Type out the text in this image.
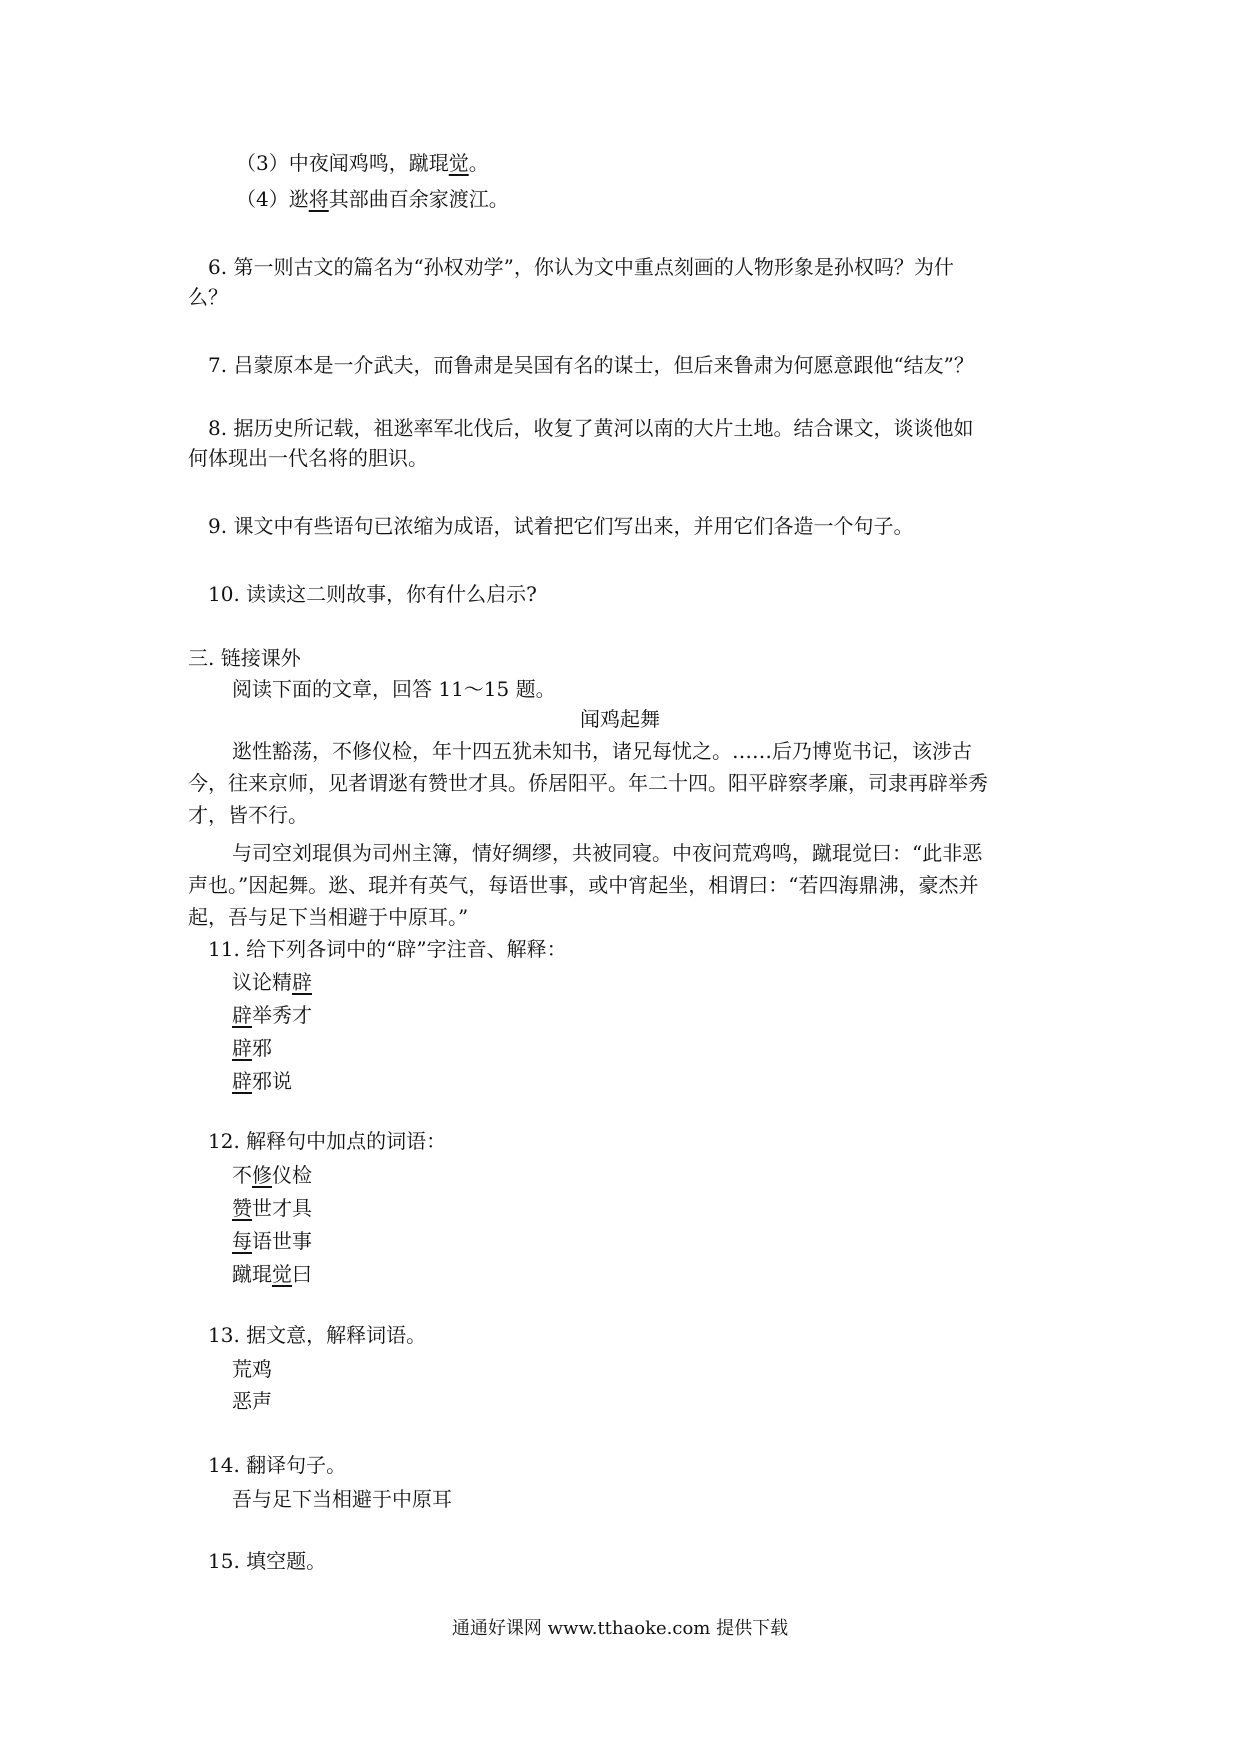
（3）中夜闻鸡鸣，蹴琨觉。
（4）逖将其部曲百余家渡江。
6. 第一则古文的篇名为“孙权劝学”，你认为文中重点刻画的人物形象是孙权吗？为什
么？
7. 吕蒙原本是一介武夫，而鲁肃是吴国有名的谋士，但后来鲁肃为何愿意跟他“结友”？
8. 据历史所记载，祖逖率军北伐后，收复了黄河以南的大片土地。结合课文，谈谈他如
何体现出一代名将的胆识。
9. 课文中有些语句已浓缩为成语，试着把它们写出来，并用它们各造一个句子。
10. 读读这二则故事，你有什么启示?
三. 链接课外
阅读下面的文章，回答 11～15 题。
闻鸡起舞
逖性豁荡，不修仪检，年十四五犹未知书，诸兄每忧之。……后乃博览书记，该涉古
今，往来京师，见者谓逖有赞世才具。侨居阳平。年二十四。阳平辟察孝廉，司隶再辟举秀
才，皆不行。
与司空刘琨俱为司州主簿，情好绸缪，共被同寝。中夜问荒鸡鸣，蹴琨觉曰：“此非恶
声也。”因起舞。逖、琨并有英气，每语世事，或中宵起坐，相谓曰：“若四海鼎沸，豪杰并
起，吾与足下当相避于中原耳。”
11. 给下列各词中的“辟”字注音、解释：
议论精辟
辟举秀才
辟邪
辟邪说
12. 解释句中加点的词语：
不修仪检
赞世才具
每语世事
蹴琨觉曰
13. 据文意，解释词语。
荒鸡
恶声
14. 翻译句子。
吾与足下当相避于中原耳
15. 填空题。
通通好课网 www.tthaoke.com 提供下载
